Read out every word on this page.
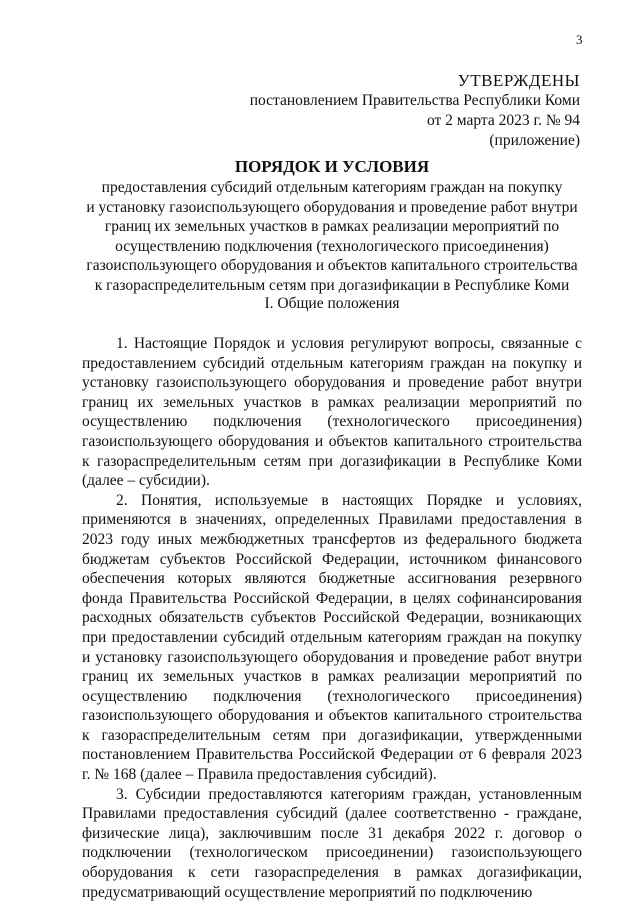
3
УТВЕРЖДЕНЫ
постановлением Правительства Республики Коми
от 2 марта 2023 г. № 94
(приложение)
ПОРЯДОК И УСЛОВИЯ
предоставления субсидий отдельным категориям граждан на покупку
и установку газоиспользующего оборудования и проведение работ внутри
границ их земельных участков в рамках реализации мероприятий по
осуществлению подключения (технологического присоединения)
газоиспользующего оборудования и объектов капитального строительства
к газораспределительным сетям при догазификации в Республике Коми
I. Общие положения

1. Настоящие Порядок и условия регулируют вопросы, связанные с предоставлением субсидий отдельным категориям граждан на покупку и установку газоиспользующего оборудования и проведение работ внутри границ их земельных участков в рамках реализации мероприятий по осуществлению подключения (технологического присоединения) газоиспользующего оборудования и объектов капитального строительства к газораспределительным сетям при догазификации в Республике Коми (далее – субсидии).

2. Понятия, используемые в настоящих Порядке и условиях, применяются в значениях, определенных Правилами предоставления в 2023 году иных межбюджетных трансфертов из федерального бюджета бюджетам субъектов Российской Федерации, источником финансового обеспечения которых являются бюджетные ассигнования резервного фонда Правительства Российской Федерации, в целях софинансирования расходных обязательств субъектов Российской Федерации, возникающих при предоставлении субсидий отдельным категориям граждан на покупку и установку газоиспользующего оборудования и проведение работ внутри границ их земельных участков в рамках реализации мероприятий по осуществлению подключения (технологического присоединения) газоиспользующего оборудования и объектов капитального строительства к газораспределительным сетям при догазификации, утвержденными постановлением Правительства Российской Федерации от 6 февраля 2023 г. № 168 (далее – Правила предоставления субсидий).

3. Субсидии предоставляются категориям граждан, установленным Правилами предоставления субсидий (далее соответственно - граждане, физические лица), заключившим после 31 декабря 2022 г. договор о подключении (технологическом присоединении) газоиспользующего оборудования к сети газораспределения в рамках догазификации, предусматривающий осуществление мероприятий по подключению
